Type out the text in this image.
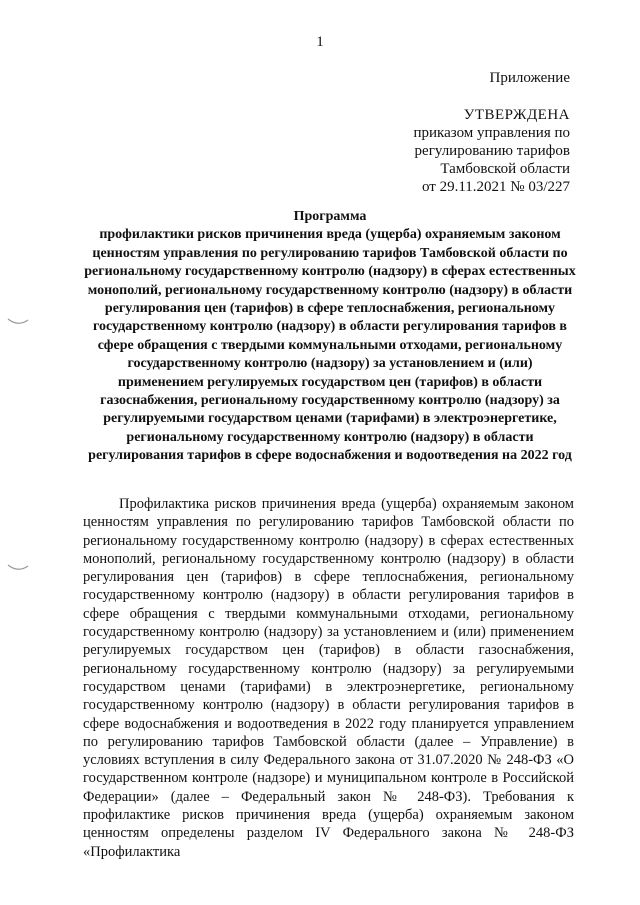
1
Приложение
УТВЕРЖДЕНА
приказом управления по
регулированию тарифов
Тамбовской области
от 29.11.2021 № 03/227
Программа
профилактики рисков причинения вреда (ущерба) охраняемым законом ценностям управления по регулированию тарифов Тамбовской области по региональному государственному контролю (надзору) в сферах естественных монополий, региональному государственному контролю (надзору) в области регулирования цен (тарифов) в сфере теплоснабжения, региональному государственному контролю (надзору) в области регулирования тарифов в сфере обращения с твердыми коммунальными отходами, региональному государственному контролю (надзору) за установлением и (или) применением регулируемых государством цен (тарифов) в области газоснабжения, региональному государственному контролю (надзору) за регулируемыми государством ценами (тарифами) в электроэнергетике, региональному государственному контролю (надзору) в области регулирования тарифов в сфере водоснабжения и водоотведения на 2022 год

Профилактика рисков причинения вреда (ущерба) охраняемым законом ценностям управления по регулированию тарифов Тамбовской области по региональному государственному контролю (надзору) в сферах естественных монополий, региональному государственному контролю (надзору) в области регулирования цен (тарифов) в сфере теплоснабжения, региональному государственному контролю (надзору) в области регулирования тарифов в сфере обращения с твердыми коммунальными отходами, региональному государственному контролю (надзору) за установлением и (или) применением регулируемых государством цен (тарифов) в области газоснабжения, региональному государственному контролю (надзору) за регулируемыми государством ценами (тарифами) в электроэнергетике, региональному государственному контролю (надзору) в области регулирования тарифов в сфере водоснабжения и водоотведения в 2022 году планируется управлением по регулированию тарифов Тамбовской области (далее – Управление) в условиях вступления в силу Федерального закона от 31.07.2020 № 248-ФЗ «О государственном контроле (надзоре) и муниципальном контроле в Российской Федерации» (далее – Федеральный закон № 248-ФЗ). Требования к профилактике рисков причинения вреда (ущерба) охраняемым законом ценностям определены разделом IV Федерального закона № 248-ФЗ «Профилактика
